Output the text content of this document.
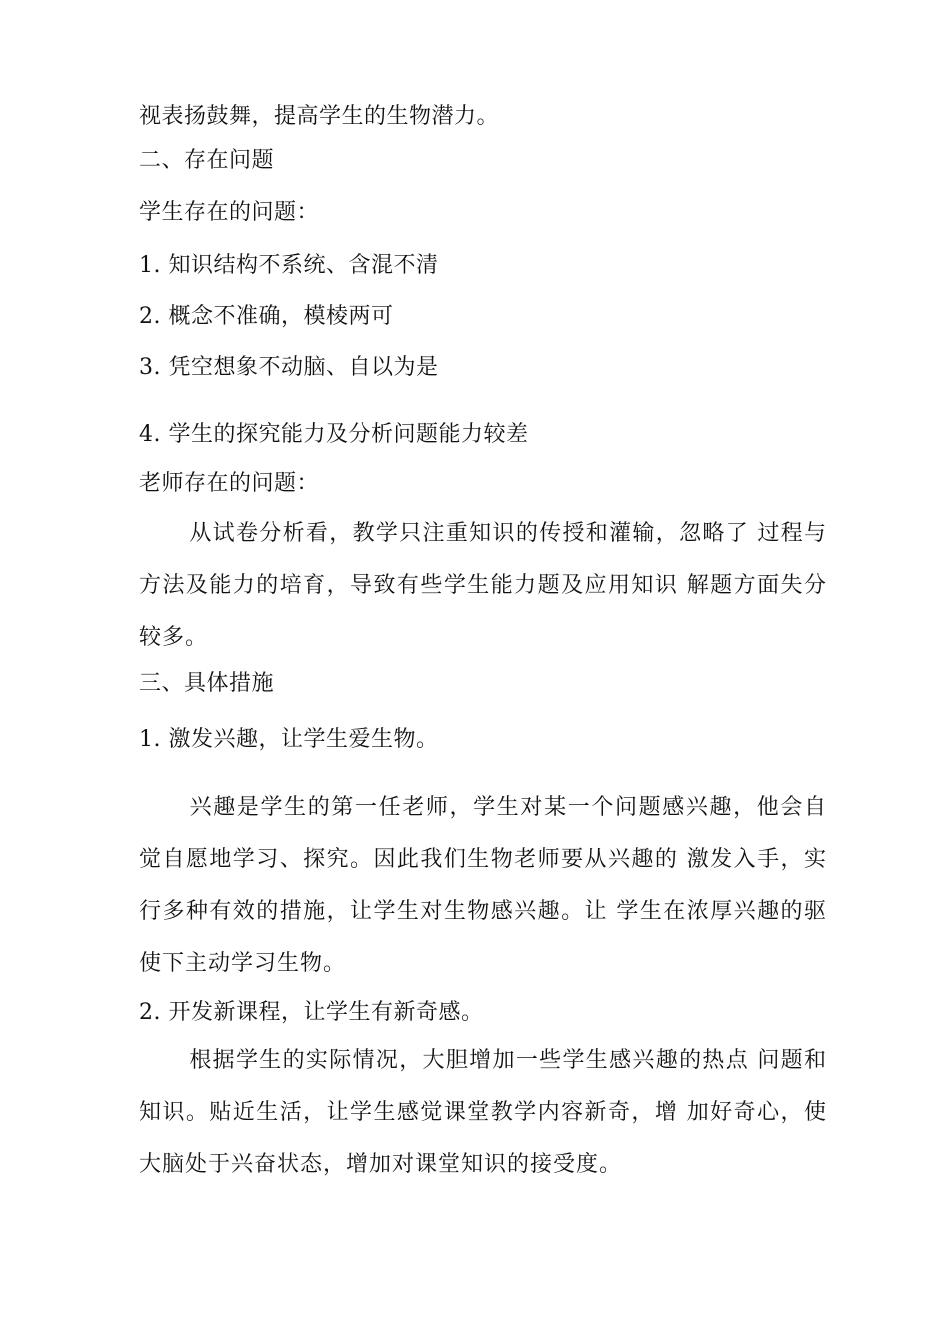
视表扬鼓舞，提高学生的生物潜力。
二、存在问题
学生存在的问题：
1. 知识结构不系统、含混不清
2. 概念不准确，模棱两可
3. 凭空想象不动脑、自以为是
4. 学生的探究能力及分析问题能力较差
老师存在的问题：
从试卷分析看，教学只注重知识的传授和灌输，忽略了 过程与方法及能力的培育，导致有些学生能力题及应用知识 解题方面失分较多。
三、具体措施
1. 激发兴趣，让学生爱生物。
兴趣是学生的第一任老师，学生对某一个问题感兴趣，他会自觉自愿地学习、探究。因此我们生物老师要从兴趣的 激发入手，实行多种有效的措施，让学生对生物感兴趣。让 学生在浓厚兴趣的驱使下主动学习生物。
2. 开发新课程，让学生有新奇感。
根据学生的实际情况，大胆增加一些学生感兴趣的热点 问题和知识。贴近生活，让学生感觉课堂教学内容新奇，增 加好奇心，使大脑处于兴奋状态，增加对课堂知识的接受度。
